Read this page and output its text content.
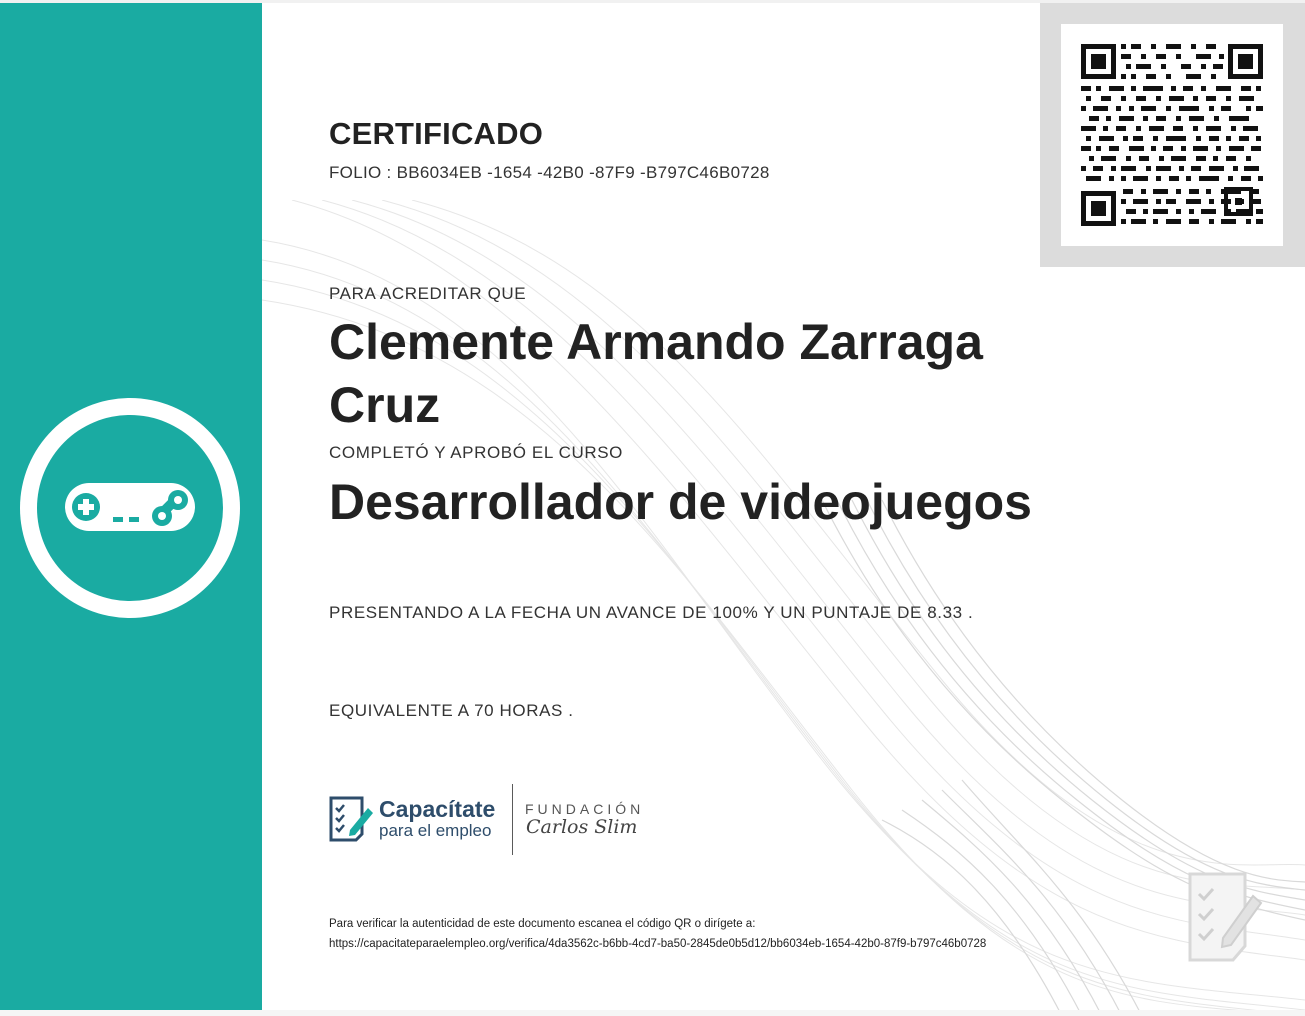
CERTIFICADO
FOLIO : BB6034EB -1654 -42B0 -87F9 -B797C46B0728
PARA ACREDITAR QUE
Clemente Armando Zarraga Cruz
COMPLETÓ Y APROBÓ EL CURSO
Desarrollador de videojuegos
PRESENTANDO A LA FECHA UN AVANCE DE 100% Y UN PUNTAJE DE 8.33 .
EQUIVALENTE A 70 HORAS .
Capacítate
para el empleo
FUNDACIÓN
Carlos Slim
Para verificar la autenticidad de este documento escanea el código QR o dirígete a:
https://capacitateparaelempleo.org/verifica/4da3562c-b6bb-4cd7-ba50-2845de0b5d12/bb6034eb-1654-42b0-87f9-b797c46b0728
